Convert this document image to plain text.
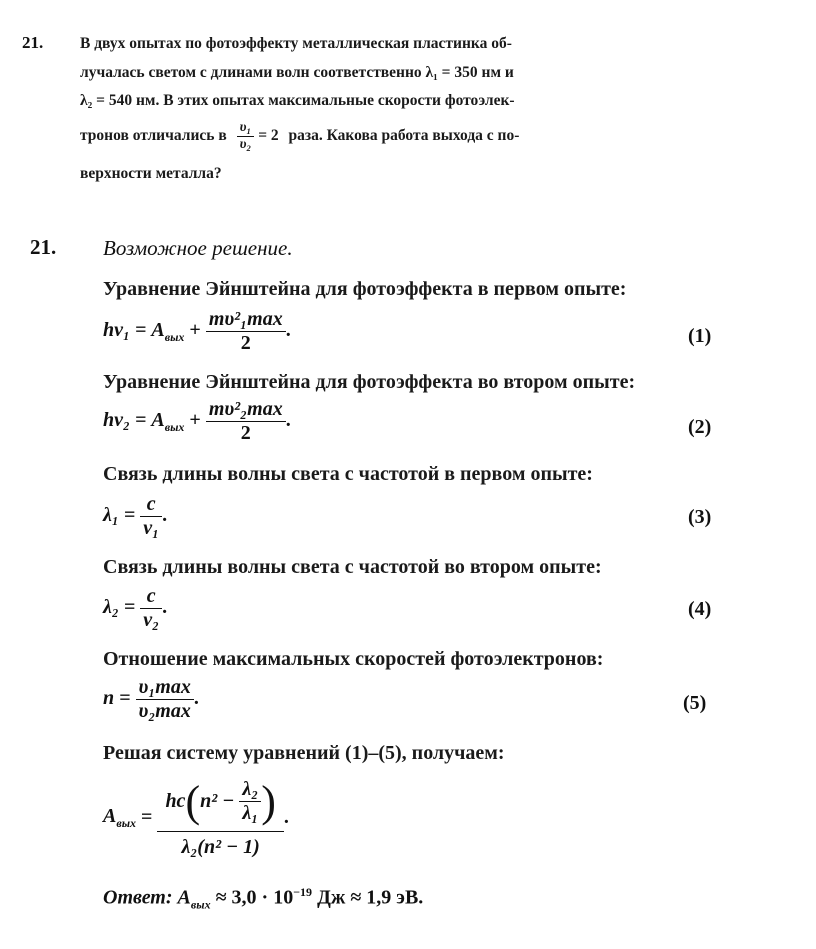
21. В двух опытах по фотоэффекту металлическая пластинка об-
лучалась светом с длинами волн соответственно λ₁ = 350 нм и
λ₂ = 540 нм. В этих опытах максимальные скорости фотоэлек-
тронов отличались в $\frac{\text{υ₁}}{\text{υ₂}} = 2$ раза. Какова работа выхода с по-
верхности металла?
21. Возможное решение.
Уравнение Эйнштейна для фотоэффекта в первом опыте:
$h\nu_1 = A_{вых} + \frac{\text{mυ²₁max}}{2}$ .	(1)
Уравнение Эйнштейна для фотоэффекта во втором опыте:
$h\nu_2 = A_{вых} + \frac{\text{mυ²₂max}}{2}$ .	(2)
Связь длины волны света с частотой в первом опыте:
$\lambda_1 = \frac{c}{\text{ν₁}}$ .	(3)
Связь длины волны света с частотой во втором опыте:
$\lambda_2 = \frac{c}{\text{ν₂}}$ .	(4)
Отношение максимальных скоростей фотоэлектронов:
$n = \frac{\text{υ₁max}}{\text{υ₂max}}$ .	(5)
Решая систему уравнений (1)–(5), получаем:
$A_{вых} = \frac{hc(n^2 - \frac{\text{λ₂}}{\text{λ₁}} )}{\text{λ₂(n² − 1)}}$ .
Ответ: $A_{вых} \approx 3,0 \cdot 10^{-19}$ Дж ≈ 1,9 эВ.
